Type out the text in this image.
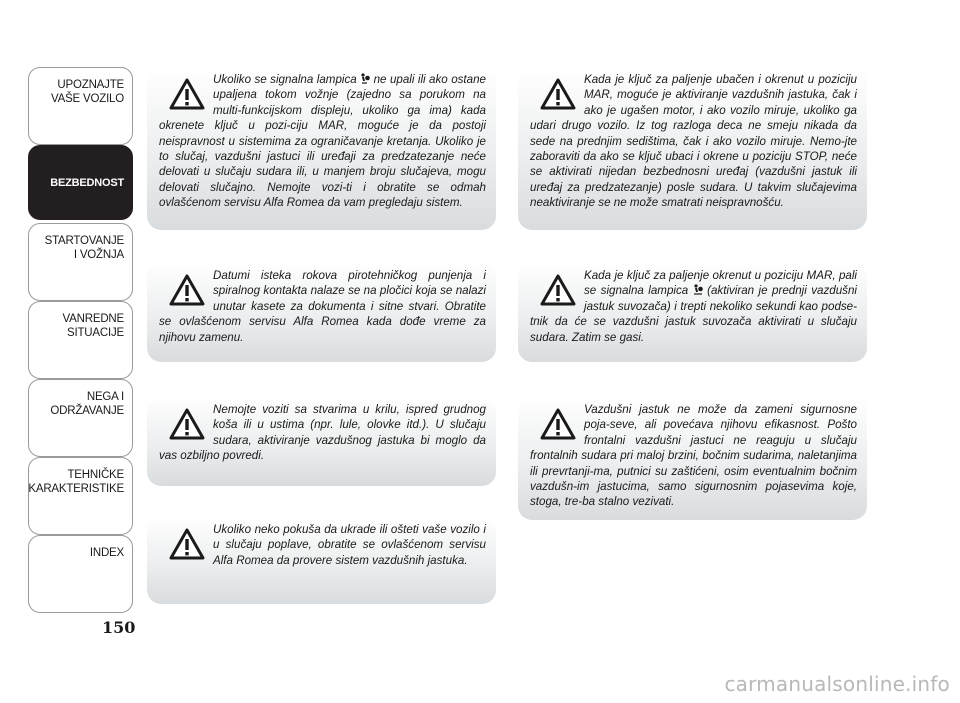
UPOZNAJTE
VAŠE VOZILO
BEZBEDNOST
STARTOVANJE
I VOŽNJA
VANREDNE
SITUACIJE
NEGA I
ODRŽAVANJE
TEHNIČKE
KARAKTERISTIKE
INDEX
150

Ukoliko se signalna lampica
ne upali ili ako ostane upaljena tokom vožnje (zajedno sa porukom na multi-funkcijskom displeju, ukoliko ga ima) kada okrenete ključ u pozi-ciju MAR, moguće je da postoji neispravnost u sistemima za ograničavanje kretanja. Ukoliko je to slučaj, vazdušni jastuci ili uređaji za predzatezanje neće delovati u slučaju sudara ili, u manjem broju slučajeva, mogu delovati slučajno. Nemojte vozi-ti i obratite se odmah ovlašćenom servisu Alfa Romea da vam pregledaju sistem.

Datumi isteka rokova pirotehničkog punjenja i spiralnog kontakta nalaze se na pločici koja se nalazi unutar kasete za dokumenta i sitne stvari. Obratite se ovlašćenom servisu Alfa Romea kada dođe vreme za njihovu zamenu.

Nemojte voziti sa stvarima u krilu, ispred grudnog koša ili u ustima (npr. lule, olovke itd.). U slučaju sudara, aktiviranje vazdušnog jastuka bi moglo da vas ozbiljno povredi.

Ukoliko neko pokuša da ukrade ili ošteti vaše vozilo i u slučaju poplave, obratite se ovlašćenom servisu Alfa Romea da provere sistem vazdušnih jastuka.

Kada je ključ za paljenje ubačen i okrenut u poziciju MAR, moguće je aktiviranje vazdušnih jastuka, čak i ako je ugašen motor, i ako vozilo miruje, ukoliko ga udari drugo vozilo. Iz tog razloga deca ne smeju nikada da sede na prednjim sedištima, čak i ako vozilo miruje. Nemo-jte zaboraviti da ako se ključ ubaci i okrene u poziciju STOP, neće se aktivirati nijedan bezbednosni uređaj (vazdušni jastuk ili uređaj za predzatezanje) posle sudara. U takvim slučajevima neaktiviranje se ne može smatrati neispravnošću.

Kada je ključ za paljenje okrenut u poziciju MAR, pali se signalna lampica
(aktiviran je prednji vazdušni jastuk suvozača) i trepti nekoliko sekundi kao podse-tnik da će se vazdušni jastuk suvozača aktivirati u slučaju sudara. Zatim se gasi.

Vazdušni jastuk ne može da zameni sigurnosne poja-seve, ali povećava njihovu efikasnost. Pošto frontalni vazdušni jastuci ne reaguju u slučaju frontalnih sudara pri maloj brzini, bočnim sudarima, naletanjima ili prevrtanji-ma, putnici su zaštićeni, osim eventualnim bočnim vazdušn-im jastucima, samo sigurnosnim pojasevima koje, stoga, tre-ba stalno vezivati.

carmanualsonline.info
